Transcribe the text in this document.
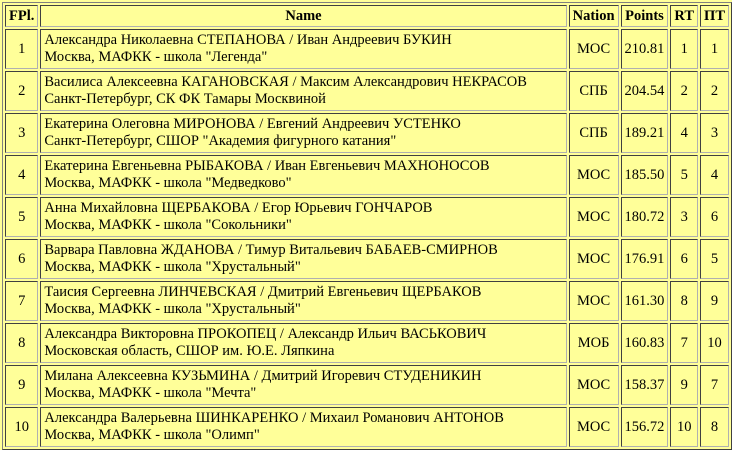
FPl.	Name	Nation	Points	RT	ПТ
1	Александра Николаевна СТЕПАНОВА / Иван Андреевич БУКИН
Москва, МАФКК - школа "Легенда"	МОС	210.81	1	1
2	Василиса Алексеевна КАГАНОВСКАЯ / Максим Александрович НЕКРАСОВ
Санкт-Петербург, СК ФК Тамары Москвиной	СПБ	204.54	2	2
3	Екатерина Олеговна МИРОНОВА / Евгений Андреевич УСТЕНКО
Санкт-Петербург, СШОР "Академия фигурного катания"	СПБ	189.21	4	3
4	Екатерина Евгеньевна РЫБАКОВА / Иван Евгеньевич МАХНОНОСОВ
Москва, МАФКК - школа "Медведково"	МОС	185.50	5	4
5	Анна Михайловна ЩЕРБАКОВА / Егор Юрьевич ГОНЧАРОВ
Москва, МАФКК - школа "Сокольники"	МОС	180.72	3	6
6	Варвара Павловна ЖДАНОВА / Тимур Витальевич БАБАЕВ-СМИРНОВ
Москва, МАФКК - школа "Хрустальный"	МОС	176.91	6	5
7	Таисия Сергеевна ЛИНЧЕВСКАЯ / Дмитрий Евгеньевич ЩЕРБАКОВ
Москва, МАФКК - школа "Хрустальный"	МОС	161.30	8	9
8	Александра Викторовна ПРОКОПЕЦ / Александр Ильич ВАСЬКОВИЧ
Московская область, СШОР им. Ю.Е. Ляпкина	МОБ	160.83	7	10
9	Милана Алексеевна КУЗЬМИНА / Дмитрий Игоревич СТУДЕНИКИН
Москва, МАФКК - школа "Мечта"	МОС	158.37	9	7
10	Александра Валерьевна ШИНКАРЕНКО / Михаил Романович АНТОНОВ
Москва, МАФКК - школа "Олимп"	МОС	156.72	10	8
